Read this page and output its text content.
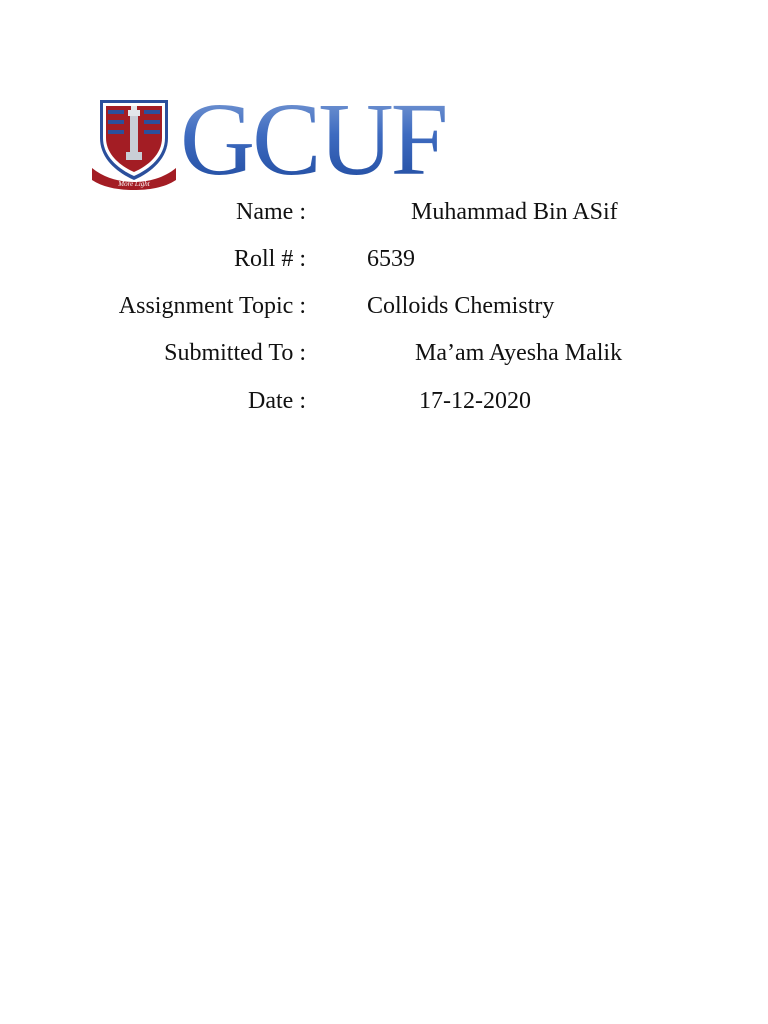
More Light GCUF
Name :	Muhammad Bin ASif
Roll # :	6539
Assignment Topic :	Colloids Chemistry
Submitted To :	Ma’am Ayesha Malik
Date :	17-12-2020
